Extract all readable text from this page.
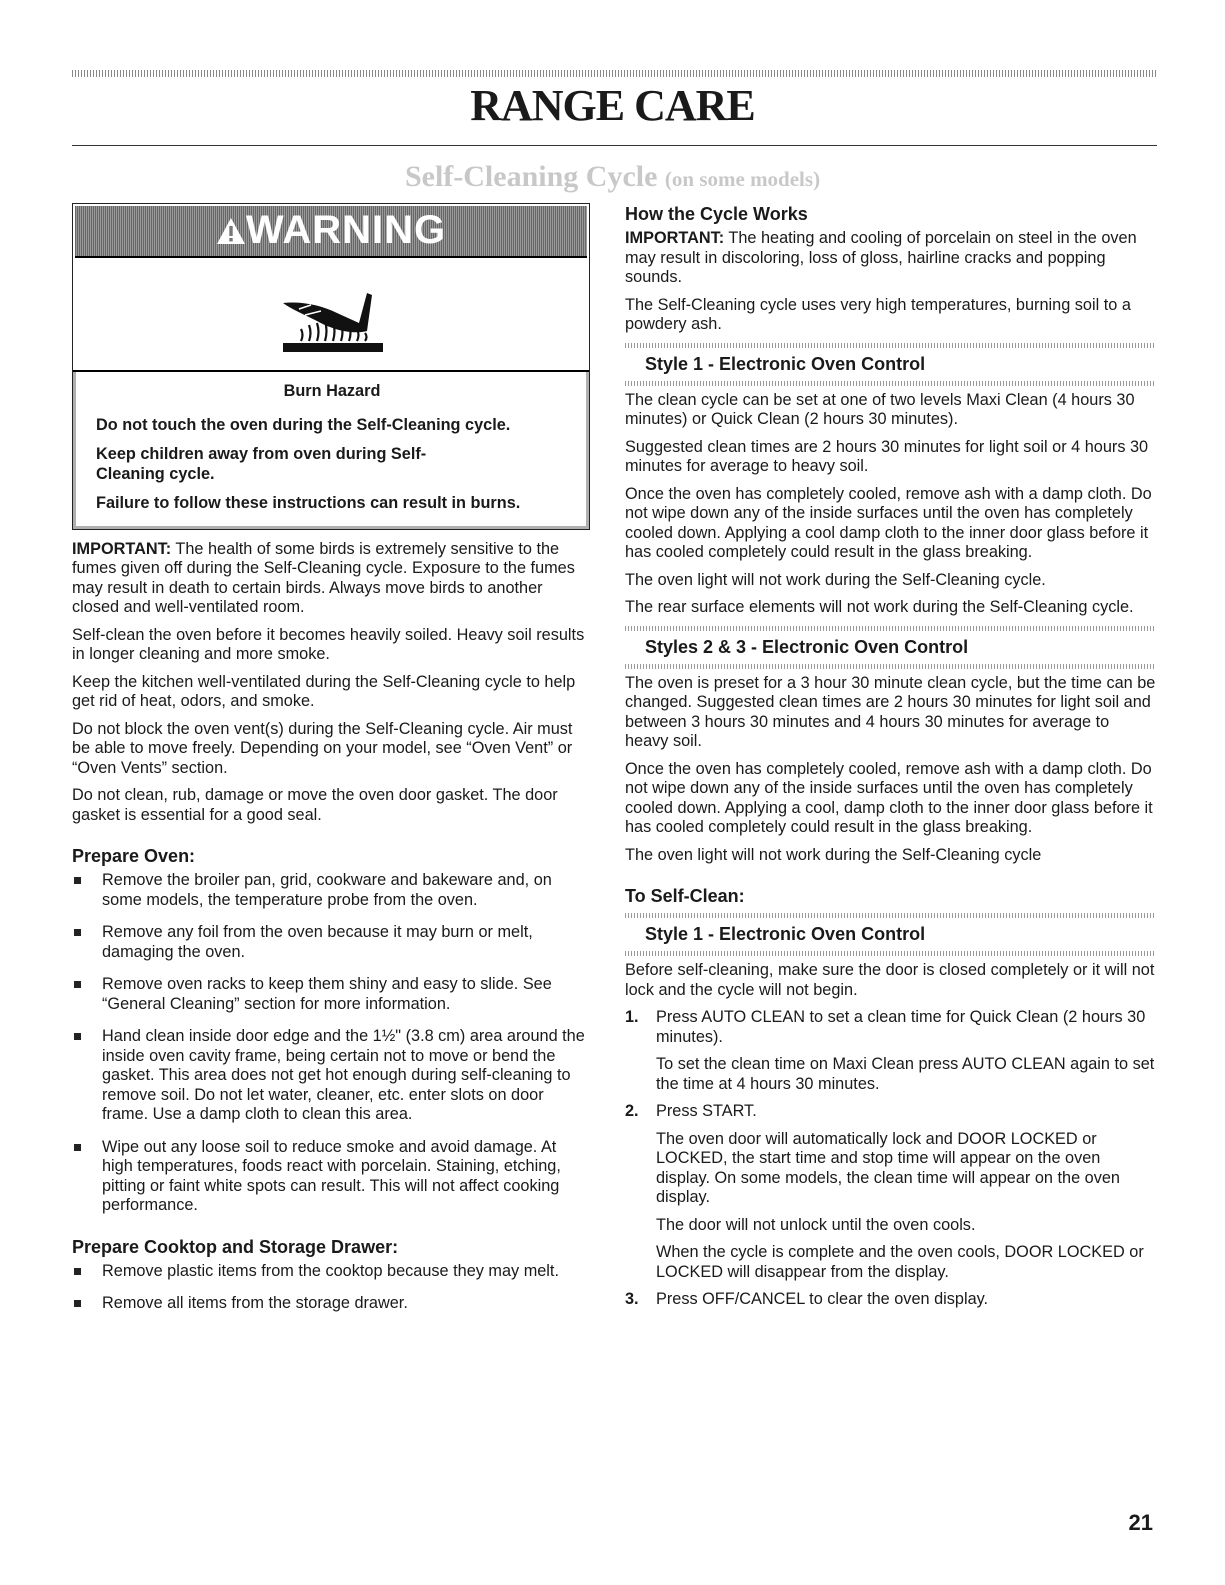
RANGE CARE
Self-Cleaning Cycle (on some models)
WARNING
Burn Hazard

Do not touch the oven during the Self-Cleaning cycle.

Keep children away from oven during Self-Cleaning cycle.

Failure to follow these instructions can result in burns.

IMPORTANT: The health of some birds is extremely sensitive to the fumes given off during the Self-Cleaning cycle. Exposure to the fumes may result in death to certain birds. Always move birds to another closed and well-ventilated room.

Self-clean the oven before it becomes heavily soiled. Heavy soil results in longer cleaning and more smoke.

Keep the kitchen well-ventilated during the Self-Cleaning cycle to help get rid of heat, odors, and smoke.

Do not block the oven vent(s) during the Self-Cleaning cycle. Air must be able to move freely. Depending on your model, see “Oven Vent” or “Oven Vents” section.

Do not clean, rub, damage or move the oven door gasket. The door gasket is essential for a good seal.

Prepare Oven:
Remove the broiler pan, grid, cookware and bakeware and, on some models, the temperature probe from the oven.
Remove any foil from the oven because it may burn or melt, damaging the oven.
Remove oven racks to keep them shiny and easy to slide. See “General Cleaning” section for more information.
Hand clean inside door edge and the 1½" (3.8 cm) area around the inside oven cavity frame, being certain not to move or bend the gasket. This area does not get hot enough during self-cleaning to remove soil. Do not let water, cleaner, etc. enter slots on door frame. Use a damp cloth to clean this area.
Wipe out any loose soil to reduce smoke and avoid damage. At high temperatures, foods react with porcelain. Staining, etching, pitting or faint white spots can result. This will not affect cooking performance.
Prepare Cooktop and Storage Drawer:
Remove plastic items from the cooktop because they may melt.
Remove all items from the storage drawer.
How the Cycle Works

IMPORTANT: The heating and cooling of porcelain on steel in the oven may result in discoloring, loss of gloss, hairline cracks and popping sounds.

The Self-Cleaning cycle uses very high temperatures, burning soil to a powdery ash.

Style 1 - Electronic Oven Control

The clean cycle can be set at one of two levels Maxi Clean (4 hours 30 minutes) or Quick Clean (2 hours 30 minutes).

Suggested clean times are 2 hours 30 minutes for light soil or 4 hours 30 minutes for average to heavy soil.

Once the oven has completely cooled, remove ash with a damp cloth. Do not wipe down any of the inside surfaces until the oven has completely cooled down. Applying a cool damp cloth to the inner door glass before it has cooled completely could result in the glass breaking.

The oven light will not work during the Self-Cleaning cycle.

The rear surface elements will not work during the Self-Cleaning cycle.

Styles 2 & 3 - Electronic Oven Control

The oven is preset for a 3 hour 30 minute clean cycle, but the time can be changed. Suggested clean times are 2 hours 30 minutes for light soil and between 3 hours 30 minutes and 4 hours 30 minutes for average to heavy soil.

Once the oven has completely cooled, remove ash with a damp cloth. Do not wipe down any of the inside surfaces until the oven has completely cooled down. Applying a cool, damp cloth to the inner door glass before it has cooled completely could result in the glass breaking.

The oven light will not work during the Self-Cleaning cycle

To Self-Clean:
Style 1 - Electronic Oven Control

Before self-cleaning, make sure the door is closed completely or it will not lock and the cycle will not begin.

1. Press AUTO CLEAN to set a clean time for Quick Clean (2 hours 30 minutes).

To set the clean time on Maxi Clean press AUTO CLEAN again to set the time at 4 hours 30 minutes.

2. Press START.

The oven door will automatically lock and DOOR LOCKED or LOCKED, the start time and stop time will appear on the oven display. On some models, the clean time will appear on the oven display.

The door will not unlock until the oven cools.

When the cycle is complete and the oven cools, DOOR LOCKED or LOCKED will disappear from the display.

3. Press OFF/CANCEL to clear the oven display.

21
